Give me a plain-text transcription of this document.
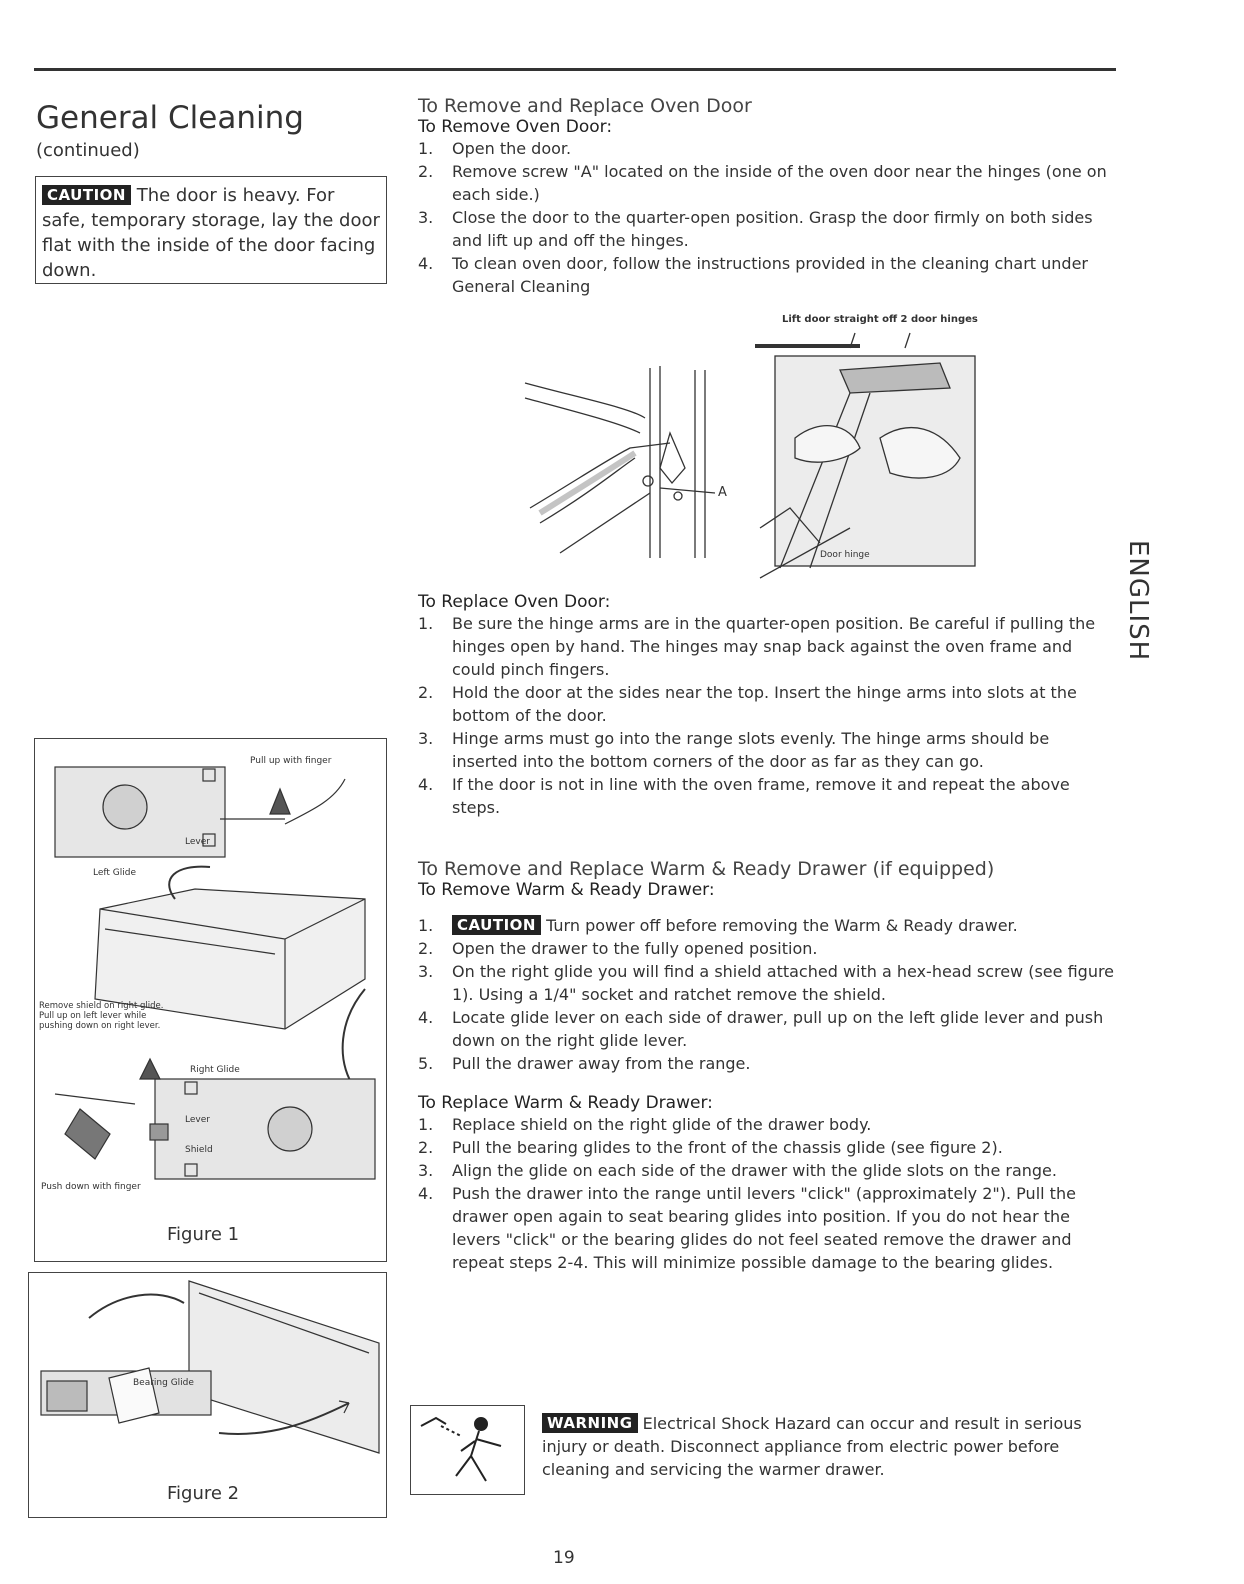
General Cleaning
(continued)
CAUTION The door is heavy. For safe, temporary storage, lay the door flat with the inside of the door facing down.
To Remove and Replace Oven Door
To Remove Oven Door:
1. Open the door.
2. Remove screw "A" located on the inside of the oven door near the hinges (one on each side.)
3. Close the door to the quarter-open position. Grasp the door firmly on both sides and lift up and off the hinges.
4. To clean oven door, follow the instructions provided in the cleaning chart under General Cleaning
Lift door straight off 2 door hinges
A
Door hinge
To Replace Oven Door:
1. Be sure the hinge arms are in the quarter-open position. Be careful if pulling the hinges open by hand. The hinges may snap back against the oven frame and could pinch fingers.
2. Hold the door at the sides near the top. Insert the hinge arms into slots at the bottom of the door.
3. Hinge arms must go into the range slots evenly. The hinge arms should be inserted into the bottom corners of the door as far as they can go.
4. If the door is not in line with the oven frame, remove it and repeat the above steps.
To Remove and Replace Warm & Ready Drawer (if equipped)
To Remove Warm & Ready Drawer:
1. CAUTION Turn power off before removing the Warm & Ready drawer.
2. Open the drawer to the fully opened position.
3. On the right glide you will find a shield attached with a hex-head screw (see figure 1). Using a 1/4" socket and ratchet remove the shield.
4. Locate glide lever on each side of drawer, pull up on the left glide lever and push down on the right glide lever.
5. Pull the drawer away from the range.
To Replace Warm & Ready Drawer:
1. Replace shield on the right glide of the drawer body.
2. Pull the bearing glides to the front of the chassis glide (see figure 2).
3. Align the glide on each side of the drawer with the glide slots on the range.
4. Push the drawer into the range until levers "click" (approximately 2"). Pull the drawer open again to seat bearing glides into position. If you do not hear the levers "click" or the bearing glides do not feel seated remove the drawer and repeat steps 2-4. This will minimize possible damage to the bearing glides.
Pull up with finger
Left Glide
Lever
Remove shield on right glide. Pull up on left lever while pushing down on right lever.
Right Glide
Lever
Shield
Push down with finger
Figure 1
Bearing Glide
Figure 2
WARNING Electrical Shock Hazard can occur and result in serious injury or death. Disconnect appliance from electric power before cleaning and servicing the warmer drawer.
ENGLISH
19
